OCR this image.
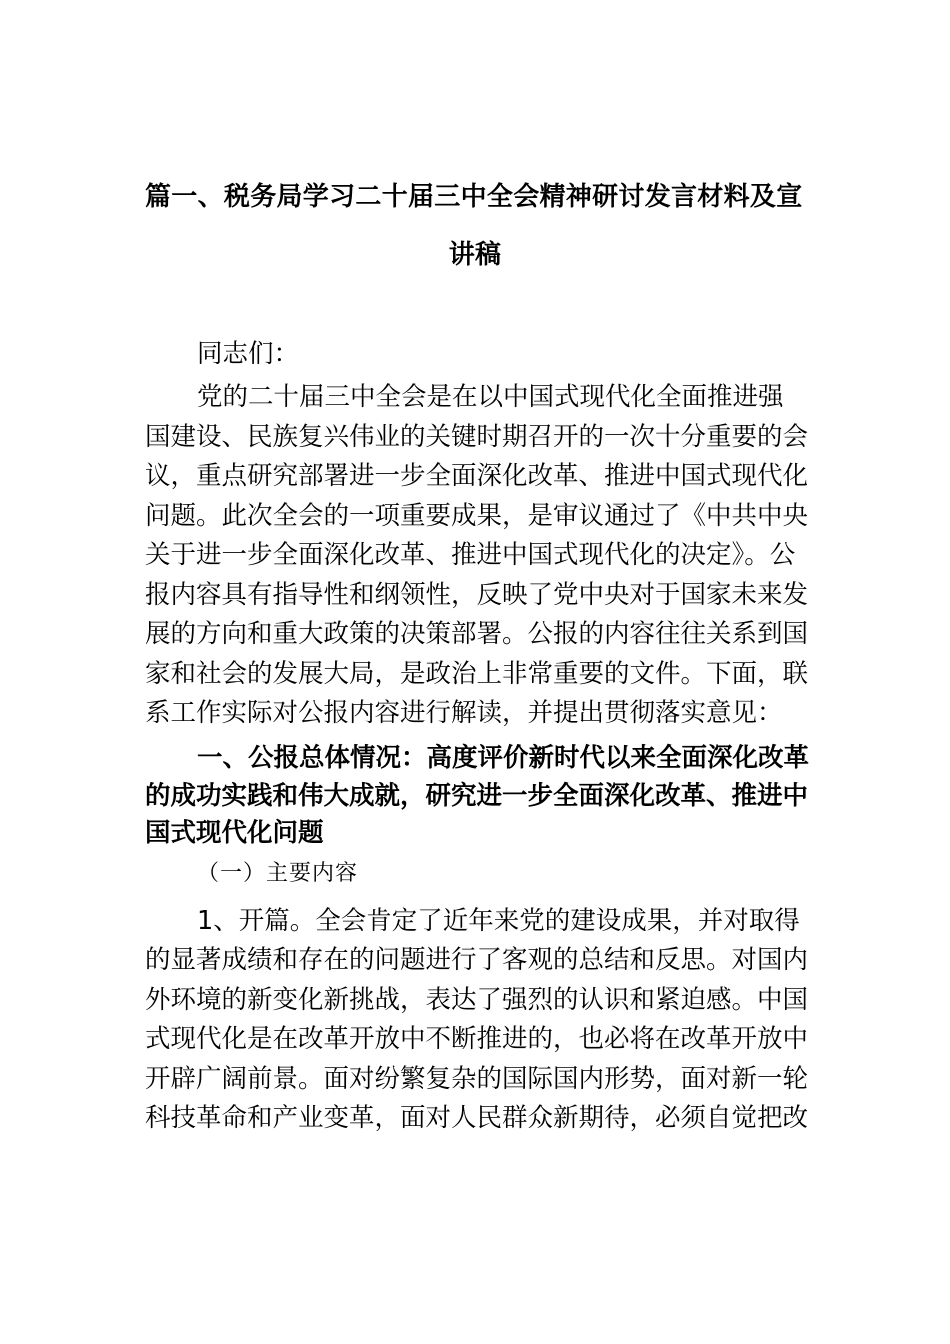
篇一、税务局学习二十届三中全会精神研讨发言材料及宣
讲稿
同志们：
党的二十届三中全会是在以中国式现代化全面推进强
国建设、民族复兴伟业的关键时期召开的一次十分重要的会
议，重点研究部署进一步全面深化改革、推进中国式现代化
问题。此次全会的一项重要成果，是审议通过了《中共中央
关于进一步全面深化改革、推进中国式现代化的决定》。公
报内容具有指导性和纲领性，反映了党中央对于国家未来发
展的方向和重大政策的决策部署。公报的内容往往关系到国
家和社会的发展大局，是政治上非常重要的文件。下面，联
系工作实际对公报内容进行解读，并提出贯彻落实意见：
一、公报总体情况：高度评价新时代以来全面深化改革
的成功实践和伟大成就，研究进一步全面深化改革、推进中
国式现代化问题
（一）主要内容
1、开篇。全会肯定了近年来党的建设成果，并对取得
的显著成绩和存在的问题进行了客观的总结和反思。对国内
外环境的新变化新挑战，表达了强烈的认识和紧迫感。中国
式现代化是在改革开放中不断推进的，也必将在改革开放中
开辟广阔前景。面对纷繁复杂的国际国内形势，面对新一轮
科技革命和产业变革，面对人民群众新期待，必须自觉把改
